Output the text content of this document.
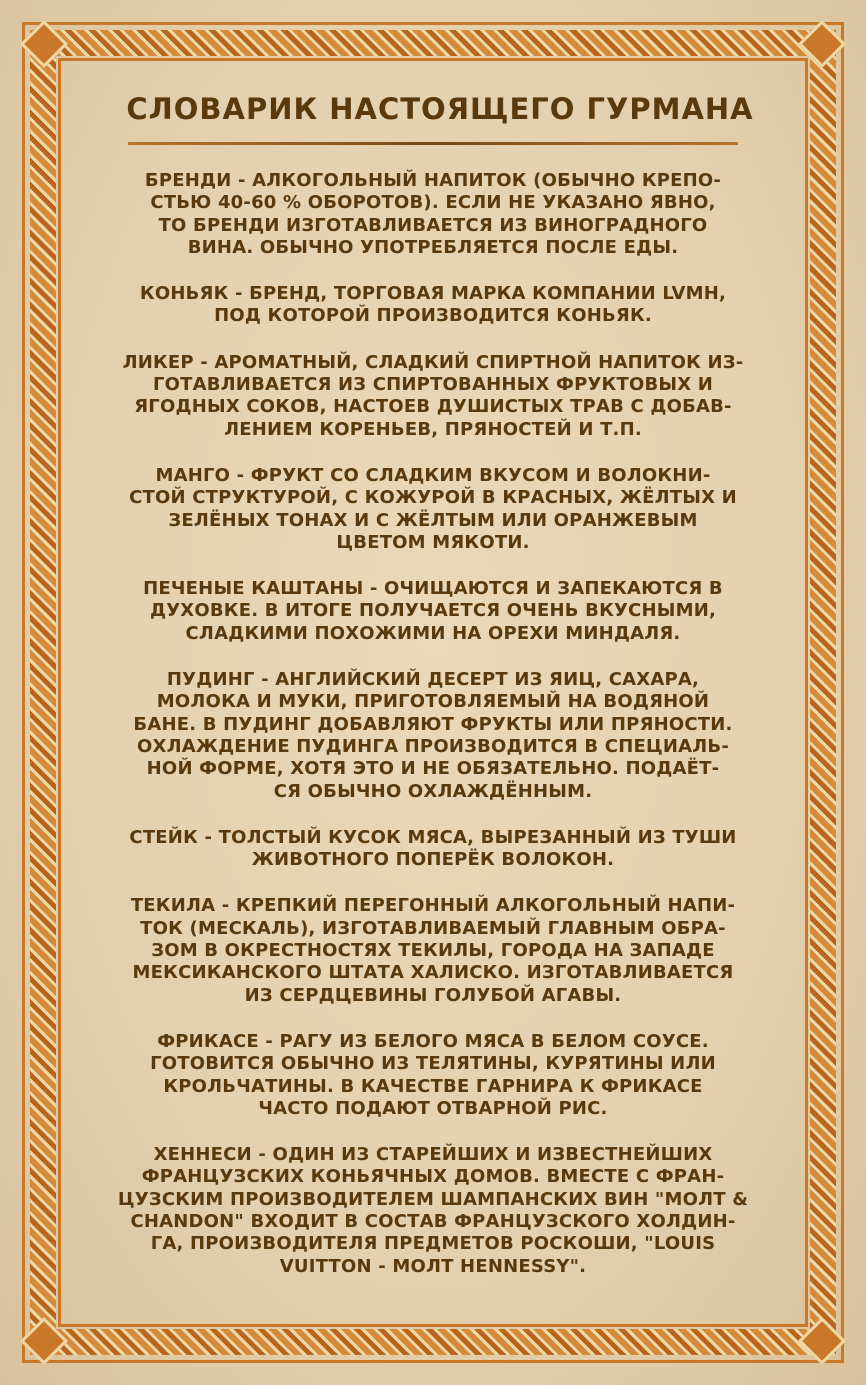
СЛОВАРИК НАСТОЯЩЕГО ГУРМАНА

БРЕНДИ - АЛКОГОЛЬНЫЙ НАПИТОК (ОБЫЧНО КРЕПО-
СТЬЮ 40-60 % ОБОРОТОВ). ЕСЛИ НЕ УКАЗАНО ЯВНО,
ТО БРЕНДИ ИЗГОТАВЛИВАЕТСЯ ИЗ ВИНОГРАДНОГО
ВИНА. ОБЫЧНО УПОТРЕБЛЯЕТСЯ ПОСЛЕ ЕДЫ.

КОНЬЯК - БРЕНД, ТОРГОВАЯ МАРКА КОМПАНИИ LVMH,
ПОД КОТОРОЙ ПРОИЗВОДИТСЯ КОНЬЯК.

ЛИКЕР - АРОМАТНЫЙ, СЛАДКИЙ СПИРТНОЙ НАПИТОК ИЗ-
ГОТАВЛИВАЕТСЯ ИЗ СПИРТОВАННЫХ ФРУКТОВЫХ И
ЯГОДНЫХ СОКОВ, НАСТОЕВ ДУШИСТЫХ ТРАВ С ДОБАВ-
ЛЕНИЕМ КОРЕНЬЕВ, ПРЯНОСТЕЙ И Т.П.

МАНГО - ФРУКТ СО СЛАДКИМ ВКУСОМ И ВОЛОКНИ-
СТОЙ СТРУКТУРОЙ, С КОЖУРОЙ В КРАСНЫХ, ЖЁЛТЫХ И
ЗЕЛЁНЫХ ТОНАХ И С ЖЁЛТЫМ ИЛИ ОРАНЖЕВЫМ
ЦВЕТОМ МЯКОТИ.

ПЕЧЕНЫЕ КАШТАНЫ - ОЧИЩАЮТСЯ И ЗАПЕКАЮТСЯ В
ДУХОВКЕ. В ИТОГЕ ПОЛУЧАЕТСЯ ОЧЕНЬ ВКУСНЫМИ,
СЛАДКИМИ ПОХОЖИМИ НА ОРЕХИ МИНДАЛЯ.

ПУДИНГ - АНГЛИЙСКИЙ ДЕСЕРТ ИЗ ЯИЦ, САХАРА,
МОЛОКА И МУКИ, ПРИГОТОВЛЯЕМЫЙ НА ВОДЯНОЙ
БАНЕ. В ПУДИНГ ДОБАВЛЯЮТ ФРУКТЫ ИЛИ ПРЯНОСТИ.
ОХЛАЖДЕНИЕ ПУДИНГА ПРОИЗВОДИТСЯ В СПЕЦИАЛЬ-
НОЙ ФОРМЕ, ХОТЯ ЭТО И НЕ ОБЯЗАТЕЛЬНО. ПОДАЁТ-
СЯ ОБЫЧНО ОХЛАЖДЁННЫМ.

СТЕЙК - ТОЛСТЫЙ КУСОК МЯСА, ВЫРЕЗАННЫЙ ИЗ ТУШИ
ЖИВОТНОГО ПОПЕРЁК ВОЛОКОН.

ТЕКИЛА - КРЕПКИЙ ПЕРЕГОННЫЙ АЛКОГОЛЬНЫЙ НАПИ-
ТОК (МЕСКАЛЬ), ИЗГОТАВЛИВАЕМЫЙ ГЛАВНЫМ ОБРА-
ЗОМ В ОКРЕСТНОСТЯХ ТЕКИЛЫ, ГОРОДА НА ЗАПАДЕ
МЕКСИКАНСКОГО ШТАТА ХАЛИСКО. ИЗГОТАВЛИВАЕТСЯ
ИЗ СЕРДЦЕВИНЫ ГОЛУБОЙ АГАВЫ.

ФРИКАСЕ - РАГУ ИЗ БЕЛОГО МЯСА В БЕЛОМ СОУСЕ.
ГОТОВИТСЯ ОБЫЧНО ИЗ ТЕЛЯТИНЫ, КУРЯТИНЫ ИЛИ
КРОЛЬЧАТИНЫ. В КАЧЕСТВЕ ГАРНИРА К ФРИКАСЕ
ЧАСТО ПОДАЮТ ОТВАРНОЙ РИС.

ХЕННЕСИ - ОДИН ИЗ СТАРЕЙШИХ И ИЗВЕСТНЕЙШИХ
ФРАНЦУЗСКИХ КОНЬЯЧНЫХ ДОМОВ. ВМЕСТЕ С ФРАН-
ЦУЗСКИМ ПРОИЗВОДИТЕЛЕМ ШАМПАНСКИХ ВИН "MOЛT &
CHANDON" ВХОДИТ В СОСТАВ ФРАНЦУЗСКОГО ХОЛДИН-
ГА, ПРОИЗВОДИТЕЛЯ ПРЕДМЕТОВ РОСКОШИ, "LOUIS
VUITTON - MOЛT HENNESSY".
